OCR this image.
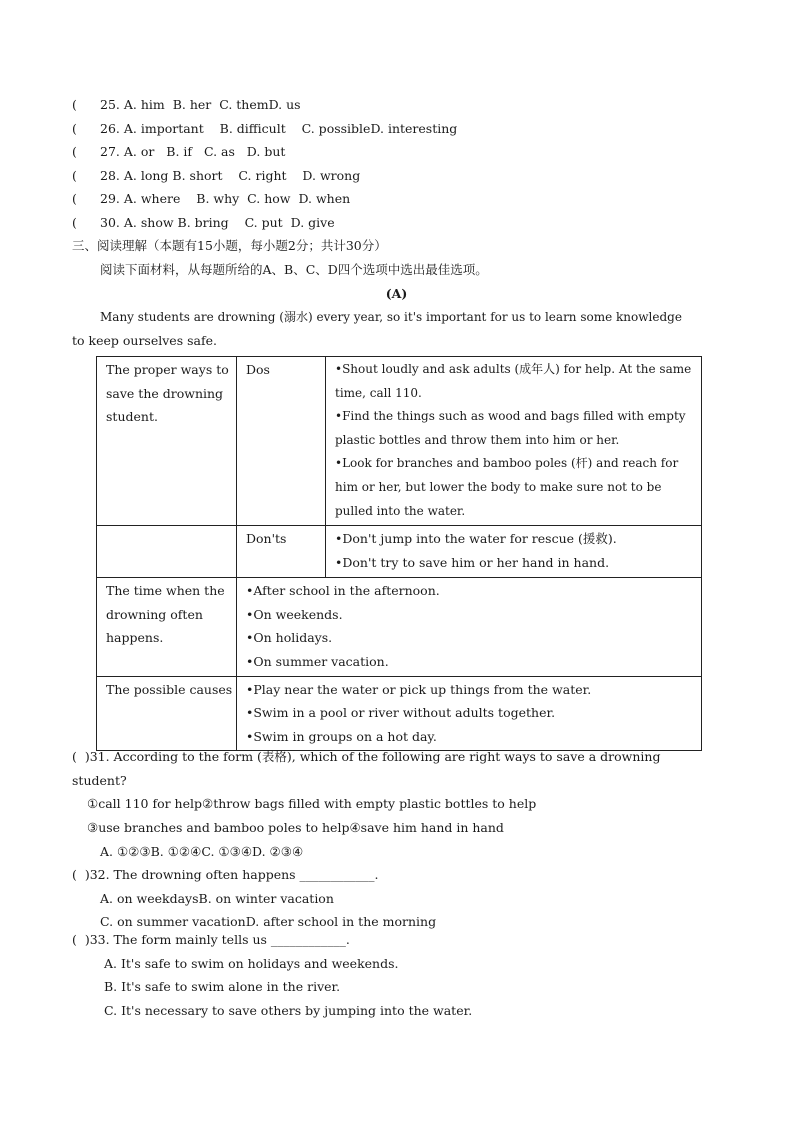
( 25. A. him  B. her  C. themD. us
( 26. A. important    B. difficult    C. possibleD. interesting
( 27. A. or   B. if   C. as   D. but
( 28. A. long B. short    C. right    D. wrong
( 29. A. where    B. why  C. how  D. when
( 30. A. show B. bring    C. put  D. give
三、阅读理解（本题有15小题，每小题2分；共计30分）
阅读下面材料，从每题所给的A、B、C、D四个选项中选出最佳选项。
(A)
Many students are drowning (溺水) every year, so it's important for us to learn some knowledge
to keep ourselves safe.
The proper ways to save the drowning student.	Dos	•Shout loudly and ask adults (成年人) for help. At the same time, call 110.
•Find the things such as wood and bags filled with empty plastic bottles and throw them into him or her.
•Look for branches and bamboo poles (杆) and reach for him or her, but lower the body to make sure not to be pulled into the water.

	Don'ts	•Don't jump into the water for rescue (援救).
•Don't try to save him or her hand in hand.

The time when the drowning often happens.	•After school in the afternoon.
•On weekends.
•On holidays.
•On summer vacation.	

The possible causes	•Play near the water or pick up things from the water.
•Swim in a pool or river without adults together.
•Swim in groups on a hot day.	
(  )31. According to the form (表格), which of the following are right ways to save a drowning
student?
①call 110 for help②throw bags filled with empty plastic bottles to help
③use branches and bamboo poles to help④save him hand in hand
A. ①②③B. ①②④C. ①③④D. ②③④
(  )32. The drowning often happens ____________.
A. on weekdaysB. on winter vacation
C. on summer vacationD. after school in the morning
(  )33. The form mainly tells us ____________.
A. It's safe to swim on holidays and weekends.
B. It's safe to swim alone in the river.
C. It's necessary to save others by jumping into the water.
